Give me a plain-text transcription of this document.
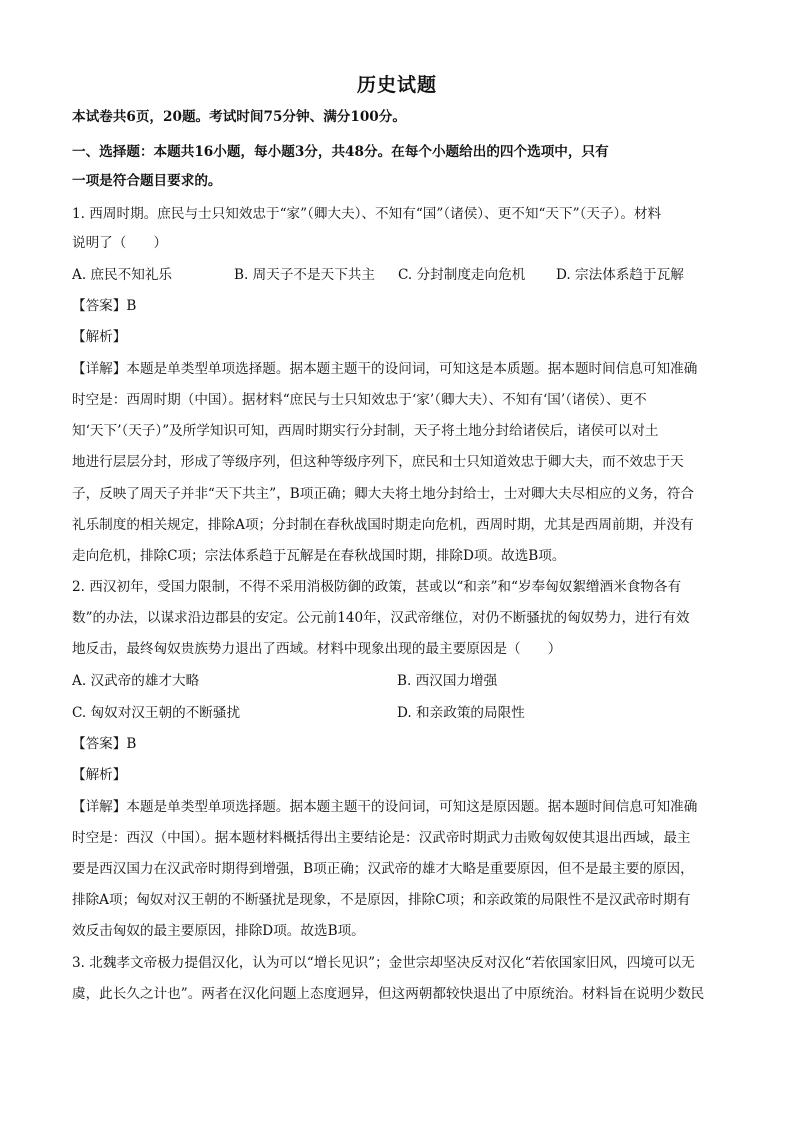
历史试题
本试卷共6页，20题。考试时间75分钟、满分100分。
一、选择题：本题共16小题，每小题3分，共48分。在每个小题给出的四个选项中，只有
一项是符合题目要求的。
1. 西周时期。庶民与士只知效忠于“家”（卿大夫）、不知有“国”（诸侯）、更不知“天下”（天子）。材料
说明了（　　）
A. 庶民不知礼乐	B. 周天子不是天下共主 C. 分封制度走向危机 D. 宗法体系趋于瓦解
【答案】B
【解析】
【详解】本题是单类型单项选择题。据本题主题干的设问词，可知这是本质题。据本题时间信息可知准确
时空是：西周时期（中国）。据材料“庶民与士只知效忠于‘家’（卿大夫）、不知有‘国’（诸侯）、更不
知‘天下’（天子）”及所学知识可知，西周时期实行分封制，天子将土地分封给诸侯后，诸侯可以对土
地进行层层分封，形成了等级序列，但这种等级序列下，庶民和士只知道效忠于卿大夫，而不效忠于天
子，反映了周天子并非“天下共主”，B项正确；卿大夫将土地分封给士，士对卿大夫尽相应的义务，符合
礼乐制度的相关规定，排除A项；分封制在春秋战国时期走向危机，西周时期，尤其是西周前期，并没有
走向危机，排除C项；宗法体系趋于瓦解是在春秋战国时期，排除D项。故选B项。
2. 西汉初年，受国力限制，不得不采用消极防御的政策，甚或以“和亲”和“岁奉匈奴絮缯酒米食物各有
数”的办法，以谋求沿边郡县的安定。公元前140年，汉武帝继位，对仍不断骚扰的匈奴势力，进行有效
地反击，最终匈奴贵族势力退出了西域。材料中现象出现的最主要原因是（　　）
A. 汉武帝的雄才大略	B. 西汉国力增强
C. 匈奴对汉王朝的不断骚扰	D. 和亲政策的局限性
【答案】B
【解析】
【详解】本题是单类型单项选择题。据本题主题干的设问词，可知这是原因题。据本题时间信息可知准确
时空是：西汉（中国）。据本题材料概括得出主要结论是：汉武帝时期武力击败匈奴使其退出西域，最主
要是西汉国力在汉武帝时期得到增强，B项正确；汉武帝的雄才大略是重要原因，但不是最主要的原因，
排除A项；匈奴对汉王朝的不断骚扰是现象，不是原因，排除C项；和亲政策的局限性不是汉武帝时期有
效反击匈奴的最主要原因，排除D项。故选B项。
3. 北魏孝文帝极力提倡汉化，认为可以“增长见识”；金世宗却坚决反对汉化“若依国家旧风，四境可以无
虞，此长久之计也”。两者在汉化问题上态度迥异，但这两朝都较快退出了中原统治。材料旨在说明少数民
